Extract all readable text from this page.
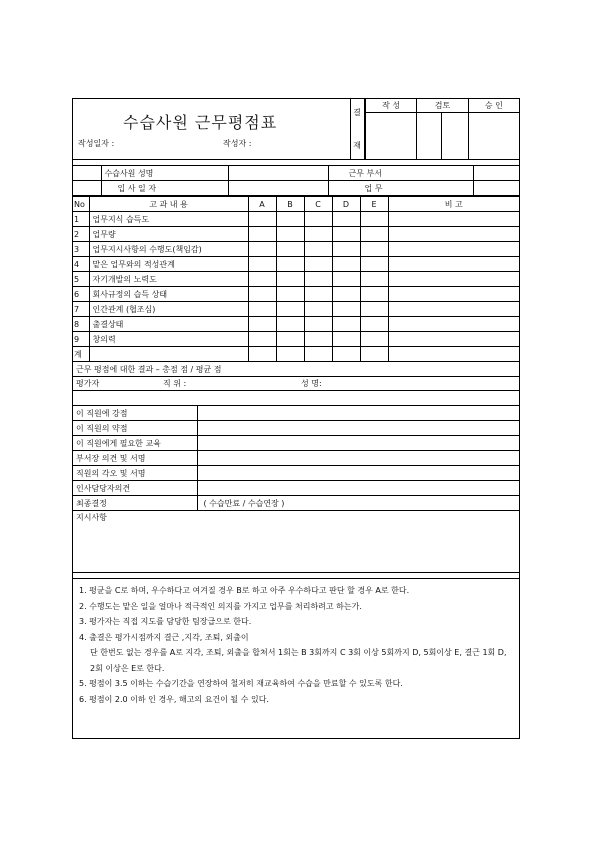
수습사원 근무평점표
작성일자 :	작성자 :
결
재
작 성	검토	승 인

	수습사원 성명		근무 부서	
	입 사 일 자		업 무	
No	고 과 내 용	A	B	C	D	E	비 고
1	업무지식 습득도						
2	업무량						
3	업무지시사항의 수행도(책임감)						
4	맡은 업무와의 적성관계						
5	자기개발의 노력도						
6	회사규정의 습득 상태						
7	인간관계 (협조심)						
8	출결상태						
9	창의력						
계							
근무 평점에 대한 결과 – 총점 점 / 평균 점							
평가자	직 위 :	성 명:

이 직원에 강점	
이 직원의 약점	
이 직원에게 필요한 교육	
부서장 의견 및 서명	
직원의 각오 및 서명	
인사담당자의견	
최종결정	( 수습만료 / 수습연장 )
지시사항	
1. 평균을 C로 하며, 우수하다고 여겨질 경우 B로 하고 아주 우수하다고 판단 할 경우 A로 한다.
2. 수행도는 맡은 일을 얼마나 적극적인 의지를 가지고 업무를 처리하려고 하는가.
3. 평가자는 직접 지도를 담당한 팀장급으로 한다.
4. 출결은 평가시점까지 결근 ,지각, 조퇴, 외출이
단 한번도 없는 경우를 A로 지각, 조퇴, 외출을 합쳐서 1회는 B 3회까지 C 3회 이상 5회까지 D, 5회이상 E, 결근 1회 D, 2회 이상은 E로 한다.
5. 평점이 3.5 이하는 수습기간을 연장하여 철저히 재교육하여 수습을 만료할 수 있도록 한다.
6. 평점이 2.0 이하 인 경우, 해고의 요건이 될 수 있다.
